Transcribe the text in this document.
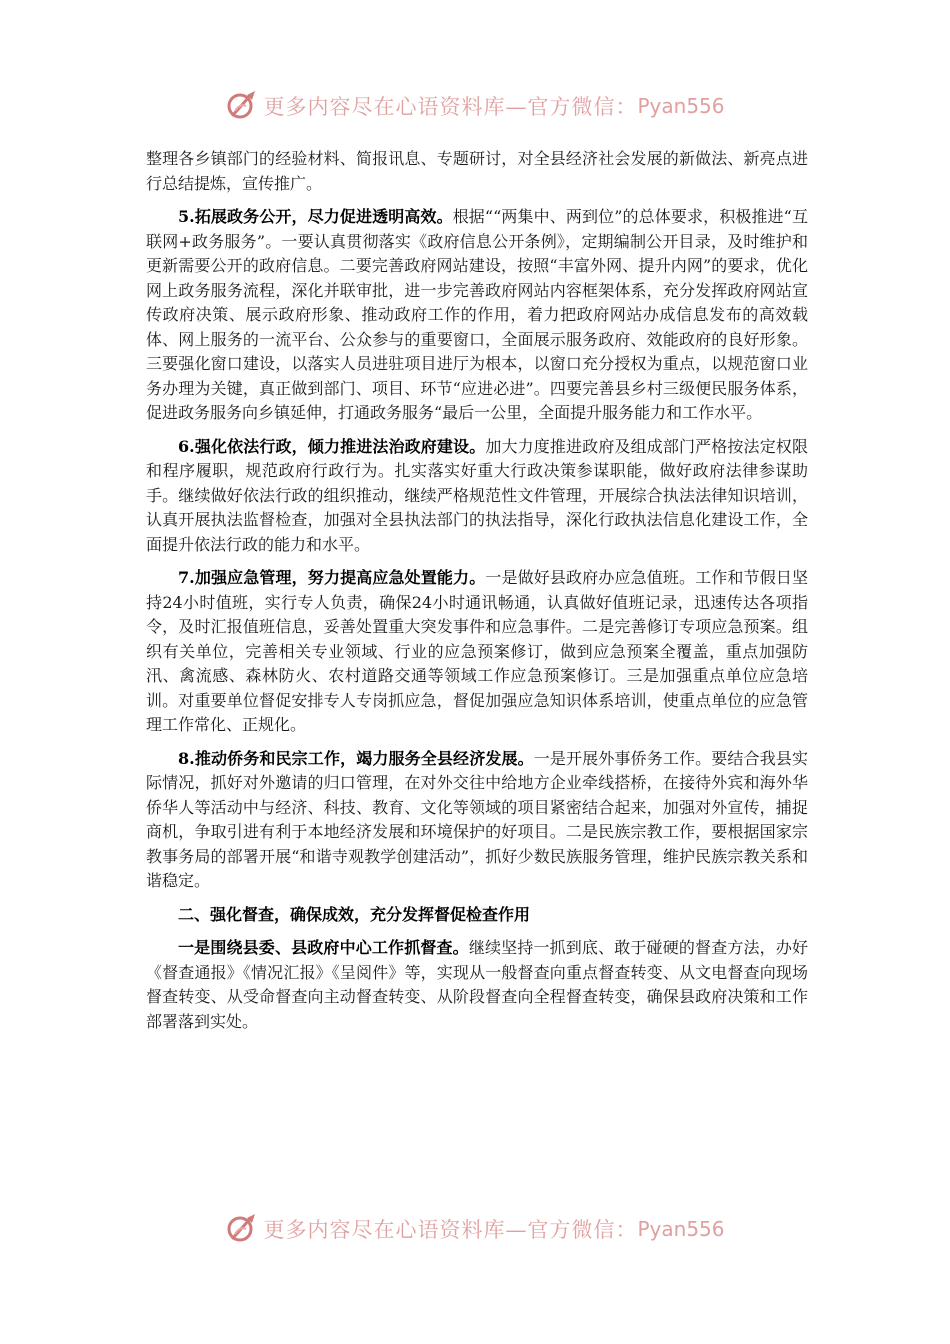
更多内容尽在心语资料库—官方微信： Pyan556

整理各乡镇部门的经验材料、简报讯息、专题研讨，对全县经济社会发展的新做法、新亮点进行总结提炼，宣传推广。

5.拓展政务公开，尽力促进透明高效。根据““两集中、两到位”的总体要求，积极推进“互联网+政务服务”。一要认真贯彻落实《政府信息公开条例》，定期编制公开目录，及时维护和更新需要公开的政府信息。二要完善政府网站建设，按照“丰富外网、提升内网”的要求，优化网上政务服务流程，深化并联审批，进一步完善政府网站内容框架体系，充分发挥政府网站宣传政府决策、展示政府形象、推动政府工作的作用，着力把政府网站办成信息发布的高效载体、网上服务的一流平台、公众参与的重要窗口，全面展示服务政府、效能政府的良好形象。三要强化窗口建设，以落实人员进驻项目进厅为根本，以窗口充分授权为重点，以规范窗口业务办理为关键，真正做到部门、项目、环节“应进必进”。四要完善县乡村三级便民服务体系，促进政务服务向乡镇延伸，打通政务服务“最后一公里，全面提升服务能力和工作水平。

6.强化依法行政，倾力推进法治政府建设。加大力度推进政府及组成部门严格按法定权限和程序履职，规范政府行政行为。扎实落实好重大行政决策参谋职能，做好政府法律参谋助手。继续做好依法行政的组织推动，继续严格规范性文件管理，开展综合执法法律知识培训，认真开展执法监督检查，加强对全县执法部门的执法指导，深化行政执法信息化建设工作，全面提升依法行政的能力和水平。

7.加强应急管理，努力提高应急处置能力。一是做好县政府办应急值班。工作和节假日坚持24小时值班，实行专人负责，确保24小时通讯畅通，认真做好值班记录，迅速传达各项指令，及时汇报值班信息，妥善处置重大突发事件和应急事件。二是完善修订专项应急预案。组织有关单位，完善相关专业领域、行业的应急预案修订，做到应急预案全覆盖，重点加强防汛、禽流感、森林防火、农村道路交通等领域工作应急预案修订。三是加强重点单位应急培训。对重要单位督促安排专人专岗抓应急，督促加强应急知识体系培训，使重点单位的应急管理工作常化、正规化。

8.推动侨务和民宗工作，竭力服务全县经济发展。一是开展外事侨务工作。要结合我县实际情况，抓好对外邀请的归口管理，在对外交往中给地方企业牵线搭桥，在接待外宾和海外华侨华人等活动中与经济、科技、教育、文化等领域的项目紧密结合起来，加强对外宣传，捕捉商机，争取引进有利于本地经济发展和环境保护的好项目。二是民族宗教工作，要根据国家宗教事务局的部署开展“和谐寺观教学创建活动”，抓好少数民族服务管理，维护民族宗教关系和谐稳定。

二、强化督查，确保成效，充分发挥督促检查作用

一是围绕县委、县政府中心工作抓督查。继续坚持一抓到底、敢于碰硬的督查方法，办好《督查通报》《情况汇报》《呈阅件》等，实现从一般督查向重点督查转变、从文电督查向现场督查转变、从受命督查向主动督查转变、从阶段督查向全程督查转变，确保县政府决策和工作部署落到实处。

更多内容尽在心语资料库—官方微信： Pyan556
